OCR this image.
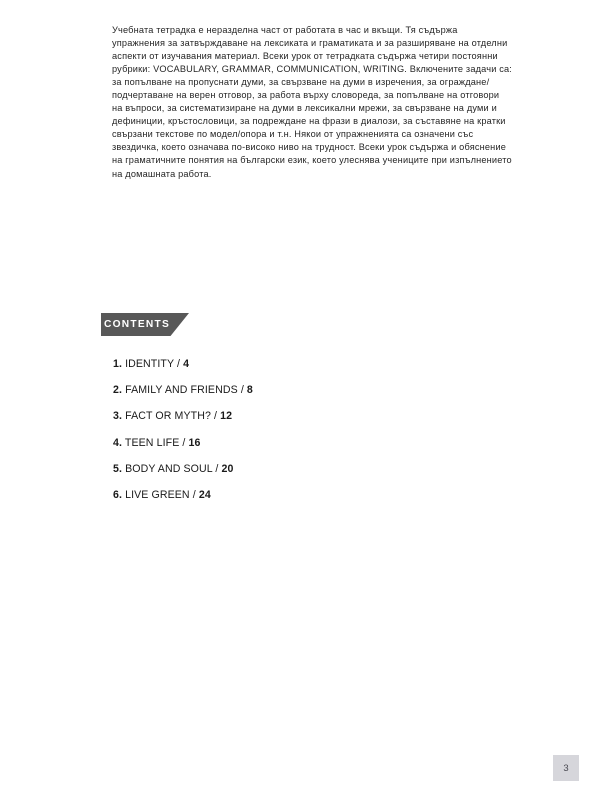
Учебната тетрадка е неразделна част от работата в час и вкъщи. Тя съдържа
упражнения за затвърждаване на лексиката и граматиката и за разширяване на отделни
аспекти от изучавания материал. Всеки урок от тетрадката съдържа четири постоянни
рубрики: VOCABULARY, GRAMMAR, COMMUNICATION, WRITING. Включените задачи са:
за попълване на пропуснати думи, за свързване на думи в изречения, за ограждане/
подчертаване на верен отговор, за работа върху словореда, за попълване на отговори
на въпроси, за систематизиране на думи в лексикални мрежи, за свързване на думи и
дефиниции, кръстословици, за подреждане на фрази в диалози, за съставяне на кратки
свързани текстове по модел/опора и т.н. Някои от упражненията са означени със
звездичка, което означава по-високо ниво на трудност. Всеки урок съдържа и обяснение
на граматичните понятия на български език, което улеснява учениците при изпълнението
на домашната работа.
CONTENTS
1. IDENTITY / 4
2. FAMILY AND FRIENDS / 8
3. FACT OR MYTH? / 12
4. TEEN LIFE / 16
5. BODY AND SOUL / 20
6. LIVE GREEN / 24
3
